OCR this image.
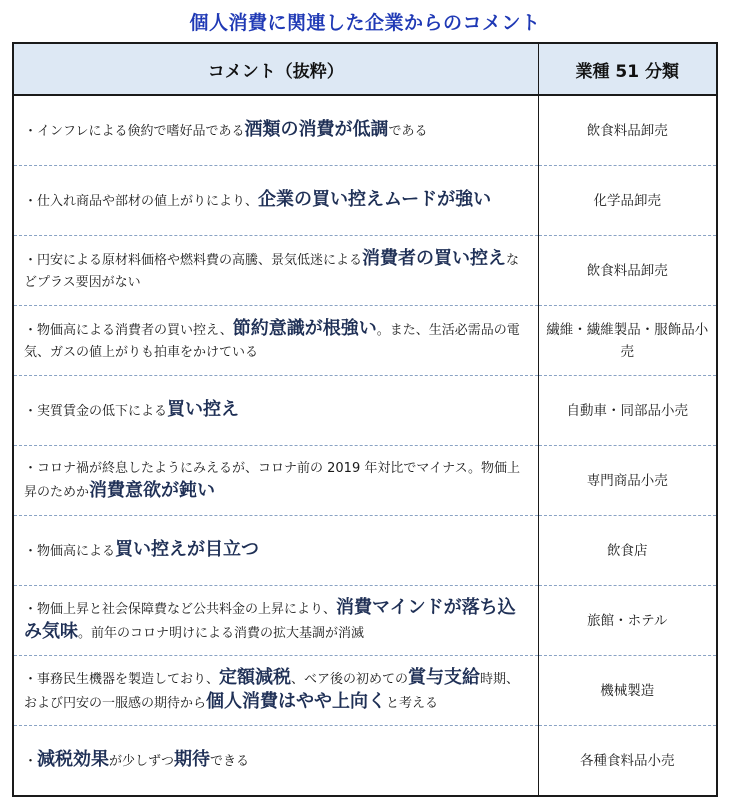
個人消費に関連した企業からのコメント
コメント（抜粋）	業種 51 分類
・インフレによる倹約で嗜好品である酒類の消費が低調である	飲食料品卸売
・仕入れ商品や部材の値上がりにより、企業の買い控えムードが強い	化学品卸売
・円安による原材料価格や燃料費の高騰、景気低迷による消費者の買い控えなどプラス要因がない	飲食料品卸売
・物価高による消費者の買い控え、節約意識が根強い。また、生活必需品の電気、ガスの値上がりも拍車をかけている	繊維・繊維製品・服飾品小売
・実質賃金の低下による買い控え	自動車・同部品小売
・コロナ禍が終息したようにみえるが、コロナ前の 2019 年対比でマイナス。物価上昇のためか消費意欲が鈍い	専門商品小売
・物価高による買い控えが目立つ	飲食店
・物価上昇と社会保障費など公共料金の上昇により、消費マインドが落ち込み気味。前年のコロナ明けによる消費の拡大基調が消滅	旅館・ホテル
・事務民生機器を製造しており、定額減税、ベア後の初めての賞与支給時期、および円安の一服感の期待から個人消費はやや上向くと考える	機械製造
・減税効果が少しずつ期待できる	各種食料品小売
